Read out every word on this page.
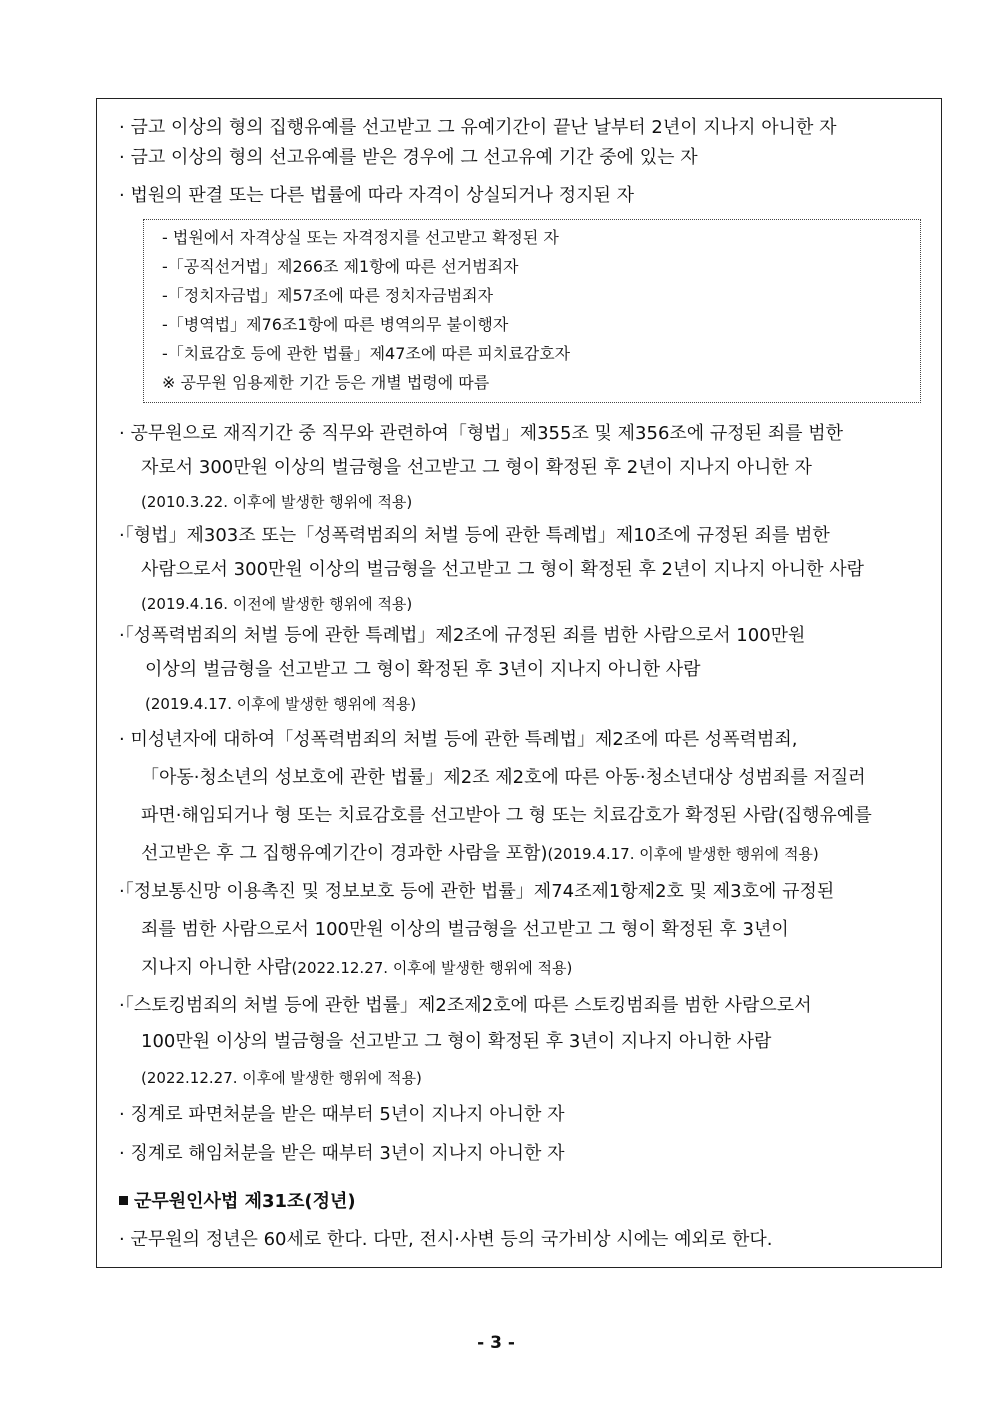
· 금고 이상의 형의 집행유예를 선고받고 그 유예기간이 끝난 날부터 2년이 지나지 아니한 자
· 금고 이상의 형의 선고유예를 받은 경우에 그 선고유예 기간 중에 있는 자
· 법원의 판결 또는 다른 법률에 따라 자격이 상실되거나 정지된 자
- 법원에서 자격상실 또는 자격정지를 선고받고 확정된 자
-「공직선거법」제266조 제1항에 따른 선거범죄자
-「정치자금법」제57조에 따른 정치자금범죄자
-「병역법」제76조1항에 따른 병역의무 불이행자
-「치료감호 등에 관한 법률」제47조에 따른 피치료감호자
※ 공무원 임용제한 기간 등은 개별 법령에 따름
· 공무원으로 재직기간 중 직무와 관련하여「형법」제355조 및 제356조에 규정된 죄를 범한
자로서 300만원 이상의 벌금형을 선고받고 그 형이 확정된 후 2년이 지나지 아니한 자
(2010.3.22. 이후에 발생한 행위에 적용)
·「형법」제303조 또는「성폭력범죄의 처벌 등에 관한 특례법」제10조에 규정된 죄를 범한
사람으로서 300만원 이상의 벌금형을 선고받고 그 형이 확정된 후 2년이 지나지 아니한 사람
(2019.4.16. 이전에 발생한 행위에 적용)
·「성폭력범죄의 처벌 등에 관한 특례법」제2조에 규정된 죄를 범한 사람으로서 100만원
이상의 벌금형을 선고받고 그 형이 확정된 후 3년이 지나지 아니한 사람
(2019.4.17. 이후에 발생한 행위에 적용)
· 미성년자에 대하여「성폭력범죄의 처벌 등에 관한 특례법」제2조에 따른 성폭력범죄,
「아동·청소년의 성보호에 관한 법률」제2조 제2호에 따른 아동·청소년대상 성범죄를 저질러
파면·해임되거나 형 또는 치료감호를 선고받아 그 형 또는 치료감호가 확정된 사람(집행유예를
선고받은 후 그 집행유예기간이 경과한 사람을 포함)(2019.4.17. 이후에 발생한 행위에 적용)
·「정보통신망 이용촉진 및 정보보호 등에 관한 법률」제74조제1항제2호 및 제3호에 규정된
죄를 범한 사람으로서 100만원 이상의 벌금형을 선고받고 그 형이 확정된 후 3년이
지나지 아니한 사람(2022.12.27. 이후에 발생한 행위에 적용)
·「스토킹범죄의 처벌 등에 관한 법률」제2조제2호에 따른 스토킹범죄를 범한 사람으로서
100만원 이상의 벌금형을 선고받고 그 형이 확정된 후 3년이 지나지 아니한 사람
(2022.12.27. 이후에 발생한 행위에 적용)
· 징계로 파면처분을 받은 때부터 5년이 지나지 아니한 자
· 징계로 해임처분을 받은 때부터 3년이 지나지 아니한 자
군무원인사법 제31조(정년)
· 군무원의 정년은 60세로 한다. 다만, 전시·사변 등의 국가비상 시에는 예외로 한다.
- 3 -
